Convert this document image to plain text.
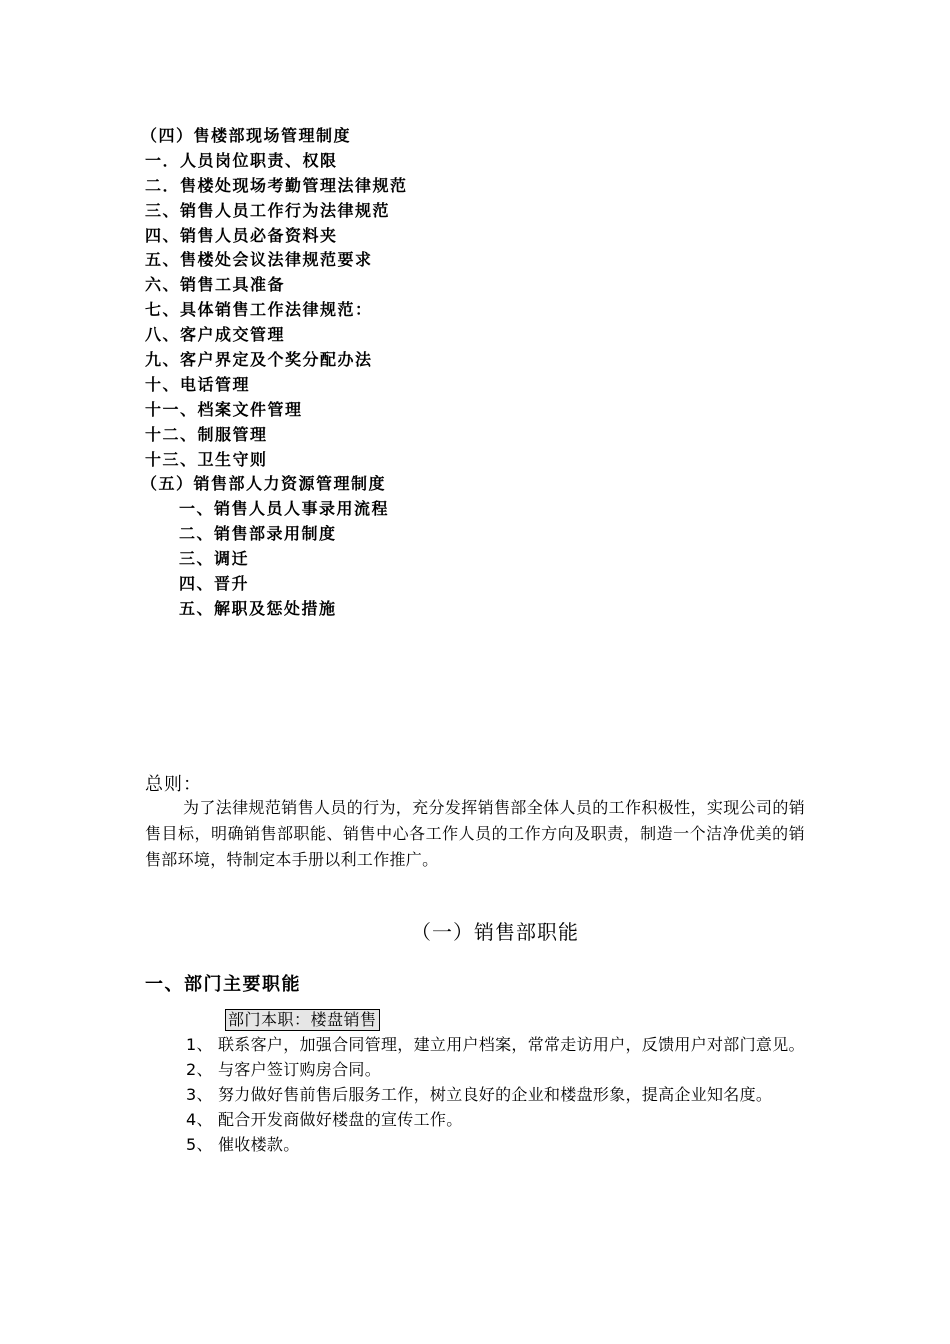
（四）售楼部现场管理制度
一．人员岗位职责、权限
二．售楼处现场考勤管理法律规范
三、销售人员工作行为法律规范
四、销售人员必备资料夹
五、售楼处会议法律规范要求
六、销售工具准备
七、具体销售工作法律规范：
八、客户成交管理
九、客户界定及个奖分配办法
十、电话管理
十一、档案文件管理
十二、制服管理
十三、卫生守则
（五）销售部人力资源管理制度
一、销售人员人事录用流程
二、销售部录用制度
三、调迁
四、晋升
五、解职及惩处措施
总则：

为了法律规范销售人员的行为，充分发挥销售部全体人员的工作积极性，实现公司的销售目标，明确销售部职能、销售中心各工作人员的工作方向及职责，制造一个洁净优美的销售部环境，特制定本手册以利工作推广。

（一）销售部职能
一、部门主要职能
部门本职：楼盘销售
1、 联系客户，加强合同管理，建立用户档案，常常走访用户，反馈用户对部门意见。
2、 与客户签订购房合同。
3、 努力做好售前售后服务工作，树立良好的企业和楼盘形象，提高企业知名度。
4、 配合开发商做好楼盘的宣传工作。
5、 催收楼款。
